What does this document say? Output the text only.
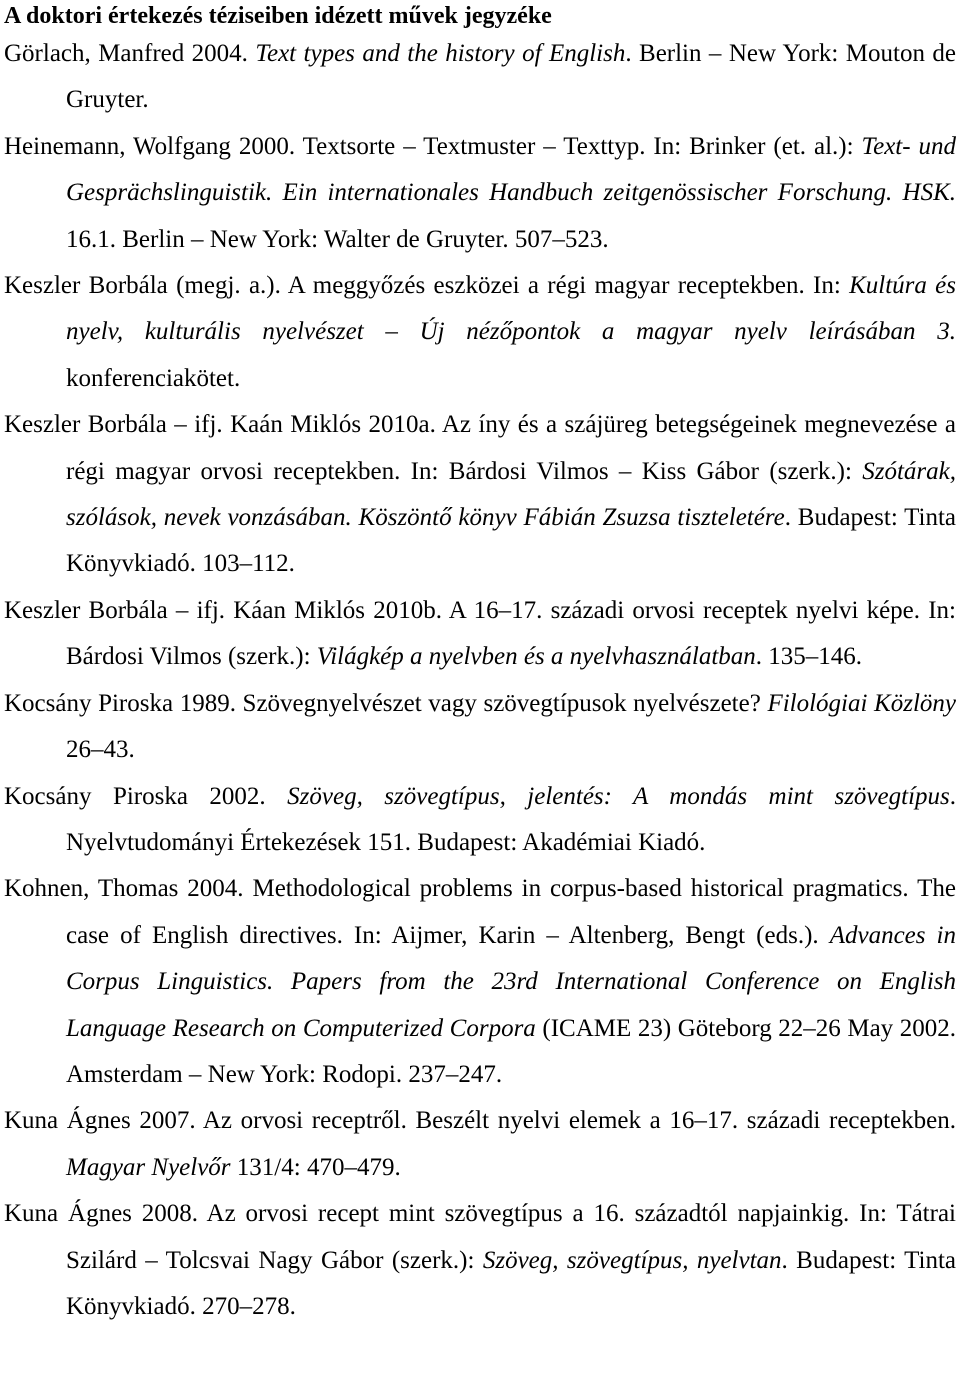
A doktori értekezés téziseiben idézett művek jegyzéke
Görlach, Manfred 2004. Text types and the history of English. Berlin – New York: Mouton de Gruyter.
Heinemann, Wolfgang 2000. Textsorte – Textmuster – Texttyp. In: Brinker (et. al.): Text- und Gesprächslinguistik. Ein internationales Handbuch zeitgenössischer Forschung. HSK. 16.1. Berlin – New York: Walter de Gruyter. 507–523.
Keszler Borbála (megj. a.). A meggyőzés eszközei a régi magyar receptekben. In: Kultúra és nyelv, kulturális nyelvészet – Új nézőpontok a magyar nyelv leírásában 3. konferenciakötet.
Keszler Borbála – ifj. Kaán Miklós 2010a. Az íny és a szájüreg betegségeinek megnevezése a régi magyar orvosi receptekben. In: Bárdosi Vilmos – Kiss Gábor (szerk.): Szótárak, szólások, nevek vonzásában. Köszöntő könyv Fábián Zsuzsa tiszteletére. Budapest: Tinta Könyvkiadó. 103–112.
Keszler Borbála – ifj. Káan Miklós 2010b. A 16–17. századi orvosi receptek nyelvi képe. In: Bárdosi Vilmos (szerk.): Világkép a nyelvben és a nyelvhasználatban. 135–146.
Kocsány Piroska 1989. Szövegnyelvészet vagy szövegtípusok nyelvészete? Filológiai Közlöny 26–43.
Kocsány Piroska 2002. Szöveg, szövegtípus, jelentés: A mondás mint szövegtípus. Nyelvtudományi Értekezések 151. Budapest: Akadémiai Kiadó.
Kohnen, Thomas 2004. Methodological problems in corpus-based historical pragmatics. The case of English directives. In: Aijmer, Karin – Altenberg, Bengt (eds.). Advances in Corpus Linguistics. Papers from the 23rd International Conference on English Language Research on Computerized Corpora (ICAME 23) Göteborg 22–26 May 2002. Amsterdam – New York: Rodopi. 237–247.
Kuna Ágnes 2007. Az orvosi receptről. Beszélt nyelvi elemek a 16–17. századi receptekben. Magyar Nyelvőr 131/4: 470–479.
Kuna Ágnes 2008. Az orvosi recept mint szövegtípus a 16. századtól napjainkig. In: Tátrai Szilárd – Tolcsvai Nagy Gábor (szerk.): Szöveg, szövegtípus, nyelvtan. Budapest: Tinta Könyvkiadó. 270–278.
